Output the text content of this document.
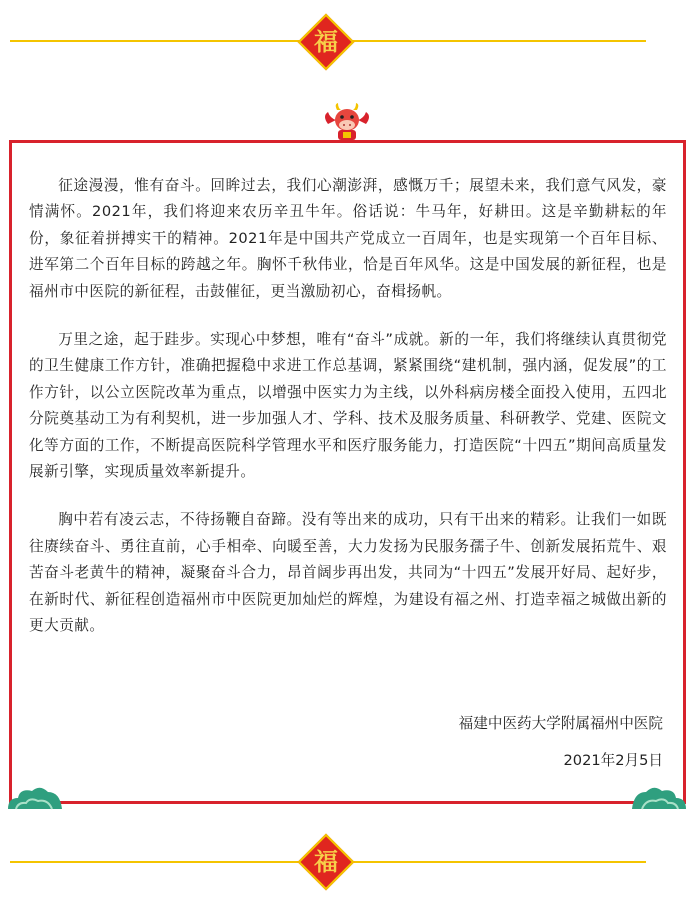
福

征途漫漫，惟有奋斗。回眸过去，我们心潮澎湃，感慨万千；展望未来，我们意气风发，豪情满怀。2021年，我们将迎来农历辛丑牛年。俗话说：牛马年，好耕田。这是辛勤耕耘的年份，象征着拼搏实干的精神。2021年是中国共产党成立一百周年，也是实现第一个百年目标、进军第二个百年目标的跨越之年。胸怀千秋伟业，恰是百年风华。这是中国发展的新征程，也是福州市中医院的新征程，击鼓催征，更当激励初心，奋楫扬帆。

万里之途，起于跬步。实现心中梦想，唯有“奋斗”成就。新的一年，我们将继续认真贯彻党的卫生健康工作方针，准确把握稳中求进工作总基调，紧紧围绕“建机制，强内涵，促发展”的工作方针，以公立医院改革为重点，以增强中医实力为主线，以外科病房楼全面投入使用，五四北分院奠基动工为有利契机，进一步加强人才、学科、技术及服务质量、科研教学、党建、医院文化等方面的工作，不断提高医院科学管理水平和医疗服务能力，打造医院“十四五”期间高质量发展新引擎，实现质量效率新提升。

胸中若有凌云志，不待扬鞭自奋蹄。没有等出来的成功，只有干出来的精彩。让我们一如既往赓续奋斗、勇往直前，心手相牵、向暖至善，大力发扬为民服务孺子牛、创新发展拓荒牛、艰苦奋斗老黄牛的精神，凝聚奋斗合力，昂首阔步再出发，共同为“十四五”发展开好局、起好步，在新时代、新征程创造福州市中医院更加灿烂的辉煌，为建设有福之州、打造幸福之城做出新的更大贡献。

福建中医药大学附属福州中医院
2021年2月5日
福
